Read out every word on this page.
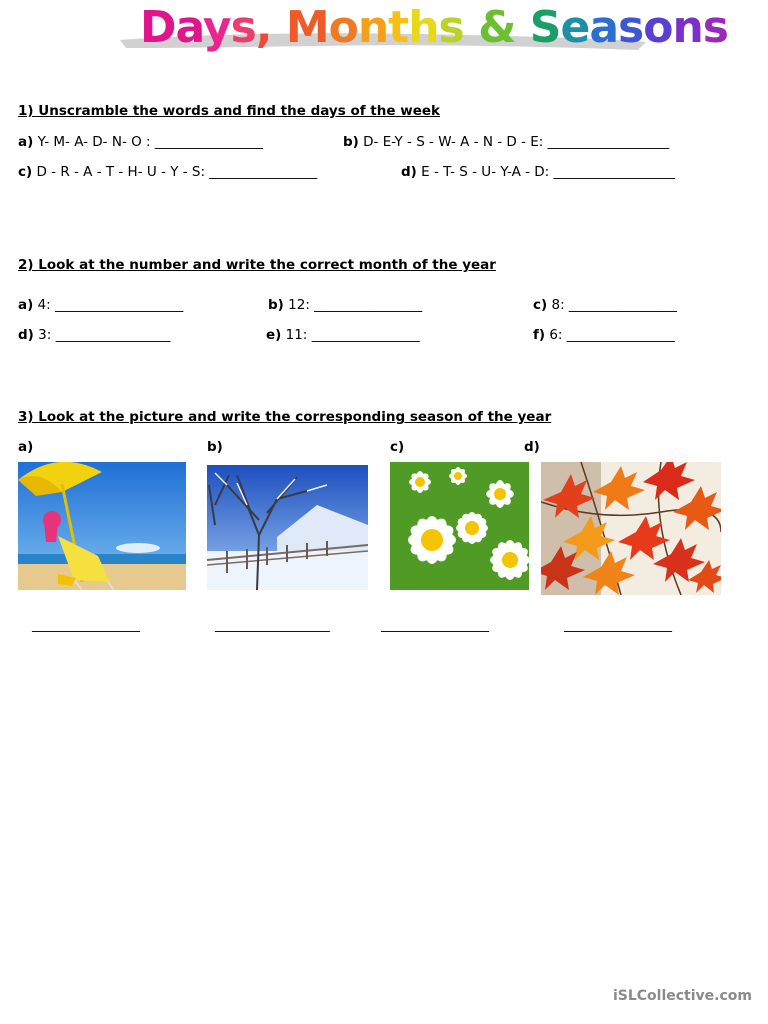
Days, Months & Seasons
1) Unscramble the words and find the days of the week
a) Y- M- A- D- N- O : ________________	b) D- E-Y - S - W- A - N - D - E: __________________
c) D - R - A - T - H- U - Y - S: ________________	d) E - T- S - U- Y-A - D: __________________
2) Look at the number and write the correct month of the year
a) 4: ___________________	b) 12: ________________	c) 8: ________________
d) 3: _________________	e) 11: ________________	f) 6: ________________
3) Look at the picture and write the corresponding season of the year
a)	b)	c)	d)
________________	_________________	________________	________________
iSLCollective.com
